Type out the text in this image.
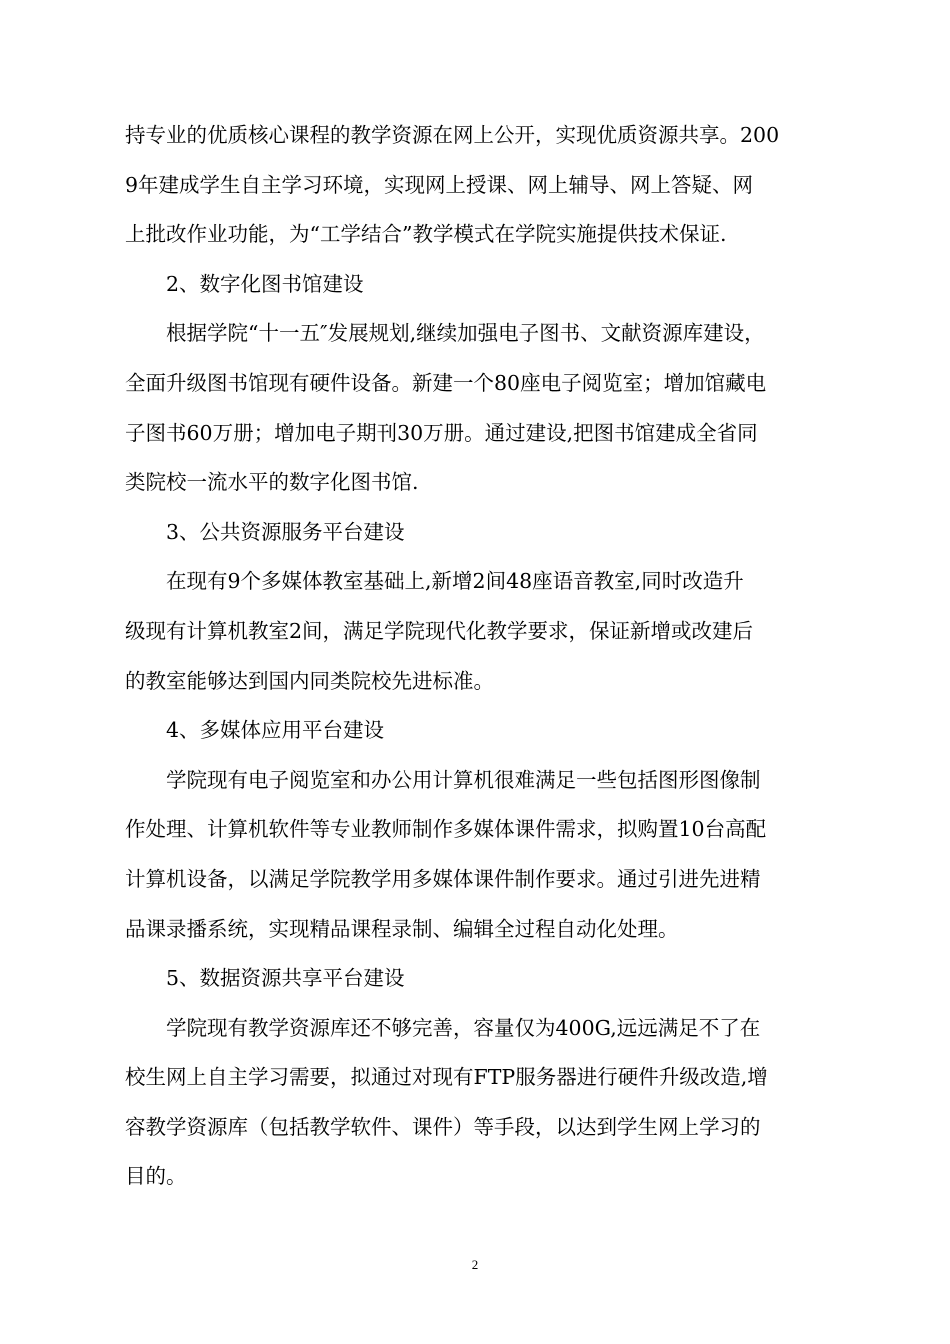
持专业的优质核心课程的教学资源在网上公开，实现优质资源共享。200
9年建成学生自主学习环境，实现网上授课、网上辅导、网上答疑、网
上批改作业功能，为“工学结合”教学模式在学院实施提供技术保证.
2、数字化图书馆建设
根据学院“十一五″发展规划,继续加强电子图书、文献资源库建设，
全面升级图书馆现有硬件设备。新建一个80座电子阅览室；增加馆藏电
子图书60万册；增加电子期刊30万册。通过建设,把图书馆建成全省同
类院校一流水平的数字化图书馆.
3、公共资源服务平台建设
在现有9个多媒体教室基础上,新增2间48座语音教室,同时改造升
级现有计算机教室2间，满足学院现代化教学要求，保证新增或改建后
的教室能够达到国内同类院校先进标准。
4、多媒体应用平台建设
学院现有电子阅览室和办公用计算机很难满足一些包括图形图像制
作处理、计算机软件等专业教师制作多媒体课件需求，拟购置10台高配
计算机设备，以满足学院教学用多媒体课件制作要求。通过引进先进精
品课录播系统，实现精品课程录制、编辑全过程自动化处理。
5、数据资源共享平台建设
学院现有教学资源库还不够完善，容量仅为400G,远远满足不了在
校生网上自主学习需要，拟通过对现有FTP服务器进行硬件升级改造,增
容教学资源库（包括教学软件、课件）等手段，以达到学生网上学习的
目的。
2
